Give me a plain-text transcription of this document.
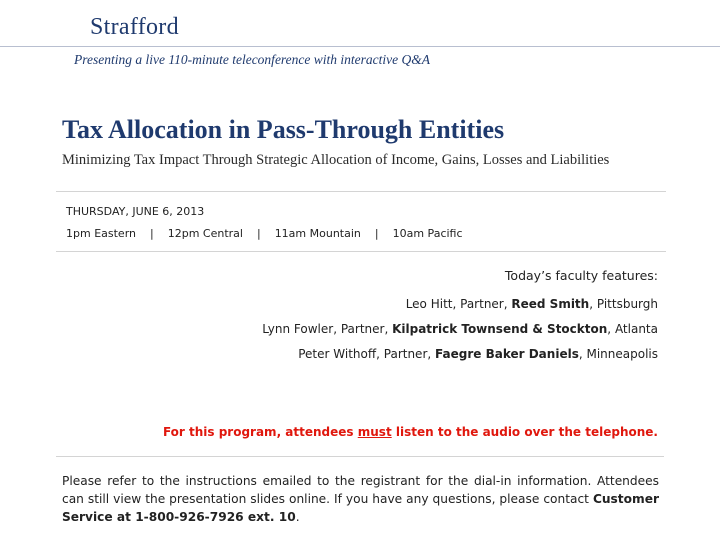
Strafford
Presenting a live 110‑minute teleconference with interactive Q&A
Tax Allocation in Pass-Through Entities

Minimizing Tax Impact Through Strategic Allocation of Income, Gains, Losses and Liabilities

THURSDAY, JUNE 6, 2013
1pm Eastern | 12pm Central | 11am Mountain | 10am Pacific

Today’s faculty features:

Leo Hitt, Partner, Reed Smith, Pittsburgh

Lynn Fowler, Partner, Kilpatrick Townsend & Stockton, Atlanta

Peter Withoff, Partner, Faegre Baker Daniels, Minneapolis

For this program, attendees must listen to the audio over the telephone.

Please refer to the instructions emailed to the registrant for the dial-in information. Attendees can still view the presentation slides online. If you have any questions, please contact Customer Service at 1-800-926-7926 ext. 10.
